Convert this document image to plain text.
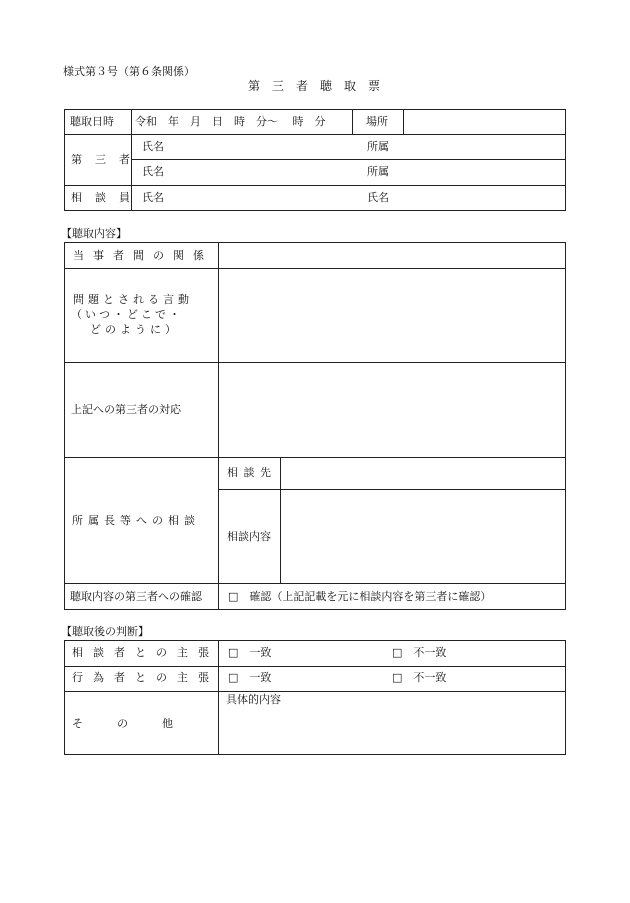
様式第３号（第６条関係）
第　三　者　聴　取　票
聴取日時 令和　年　月　日　時　分～　 時　分	場所
第　三　者
氏名	所属
氏名	所属
相　談　員 氏名	氏名
【聴取内容】
当事者間の関係
問題とされる言動
（いつ・どこで・
どのように）
上記への第三者の対応
所属長等への相談
相 談 先
相談内容
聴取内容の第三者への確認 □　確認（上記記載を元に相談内容を第三者に確認）
【聴取後の判断】
相談者との主張 □　一致	□　不一致
行為者との主張 □　一致	□　不一致
そ　　の　　他
具体的内容
